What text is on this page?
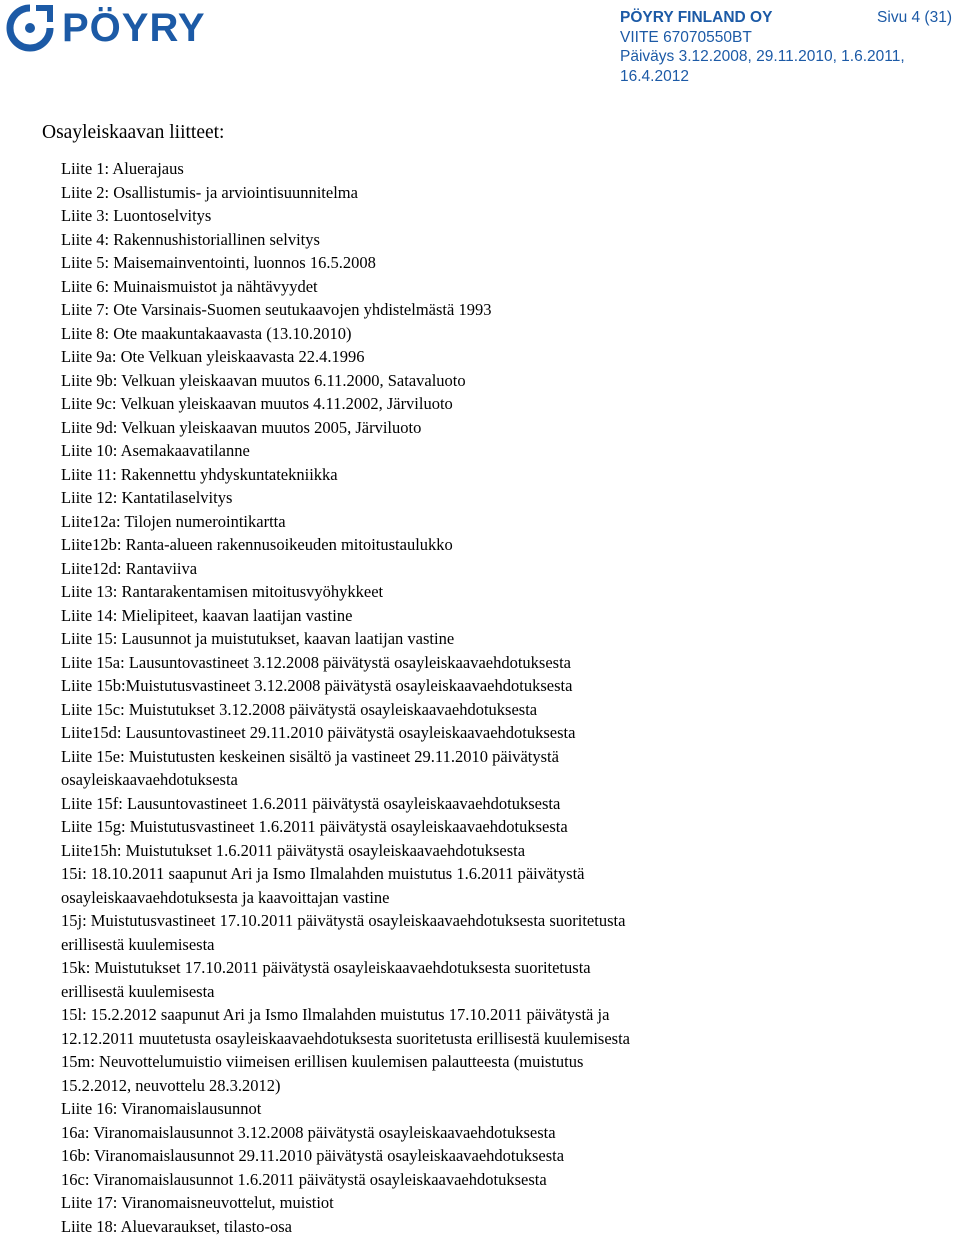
PÖYRY	PÖYRY FINLAND OY	Sivu 4 (31)
VIITE 67070550BT
Päiväys 3.12.2008, 29.11.2010, 1.6.2011,
16.4.2012
Osayleiskaavan liitteet:
Liite 1: Aluerajaus
Liite 2: Osallistumis- ja arviointisuunnitelma
Liite 3: Luontoselvitys
Liite 4: Rakennushistoriallinen selvitys
Liite 5: Maisemainventointi, luonnos 16.5.2008
Liite 6: Muinaismuistot ja nähtävyydet
Liite 7: Ote Varsinais-Suomen seutukaavojen yhdistelmästä 1993
Liite 8: Ote maakuntakaavasta (13.10.2010)
Liite 9a: Ote Velkuan yleiskaavasta 22.4.1996
Liite 9b: Velkuan yleiskaavan muutos 6.11.2000, Satavaluoto
Liite 9c: Velkuan yleiskaavan muutos 4.11.2002, Järviluoto
Liite 9d: Velkuan yleiskaavan muutos 2005, Järviluoto
Liite 10: Asemakaavatilanne
Liite 11: Rakennettu yhdyskuntatekniikka
Liite 12: Kantatilaselvitys
Liite12a: Tilojen numerointikartta
Liite12b: Ranta-alueen rakennusoikeuden mitoitustaulukko
Liite12d: Rantaviiva
Liite 13: Rantarakentamisen mitoitusvyöhykkeet
Liite 14: Mielipiteet, kaavan laatijan vastine
Liite 15: Lausunnot ja muistutukset, kaavan laatijan vastine
Liite 15a: Lausuntovastineet 3.12.2008 päivätystä osayleiskaavaehdotuksesta
Liite 15b:Muistutusvastineet 3.12.2008 päivätystä osayleiskaavaehdotuksesta
Liite 15c: Muistutukset 3.12.2008 päivätystä osayleiskaavaehdotuksesta
Liite15d: Lausuntovastineet 29.11.2010 päivätystä osayleiskaavaehdotuksesta
Liite 15e: Muistutusten keskeinen sisältö ja vastineet 29.11.2010 päivätystä
osayleiskaavaehdotuksesta
Liite 15f: Lausuntovastineet 1.6.2011 päivätystä osayleiskaavaehdotuksesta
Liite 15g: Muistutusvastineet 1.6.2011 päivätystä osayleiskaavaehdotuksesta
Liite15h: Muistutukset 1.6.2011 päivätystä osayleiskaavaehdotuksesta
15i: 18.10.2011 saapunut Ari ja Ismo Ilmalahden muistutus 1.6.2011 päivätystä
osayleiskaavaehdotuksesta ja kaavoittajan vastine
15j: Muistutusvastineet 17.10.2011 päivätystä osayleiskaavaehdotuksesta suoritetusta
erillisestä kuulemisesta
15k: Muistutukset 17.10.2011 päivätystä osayleiskaavaehdotuksesta suoritetusta
erillisestä kuulemisesta
15l: 15.2.2012 saapunut Ari ja Ismo Ilmalahden muistutus 17.10.2011 päivätystä ja
12.12.2011 muutetusta osayleiskaavaehdotuksesta suoritetusta erillisestä kuulemisesta
15m: Neuvottelumuistio viimeisen erillisen kuulemisen palautteesta (muistutus
15.2.2012, neuvottelu 28.3.2012)
Liite 16: Viranomaislausunnot
16a: Viranomaislausunnot 3.12.2008 päivätystä osayleiskaavaehdotuksesta
16b: Viranomaislausunnot 29.11.2010 päivätystä osayleiskaavaehdotuksesta
16c: Viranomaislausunnot 1.6.2011 päivätystä osayleiskaavaehdotuksesta
Liite 17: Viranomaisneuvottelut, muistiot
Liite 18: Aluevaraukset, tilasto-osa
